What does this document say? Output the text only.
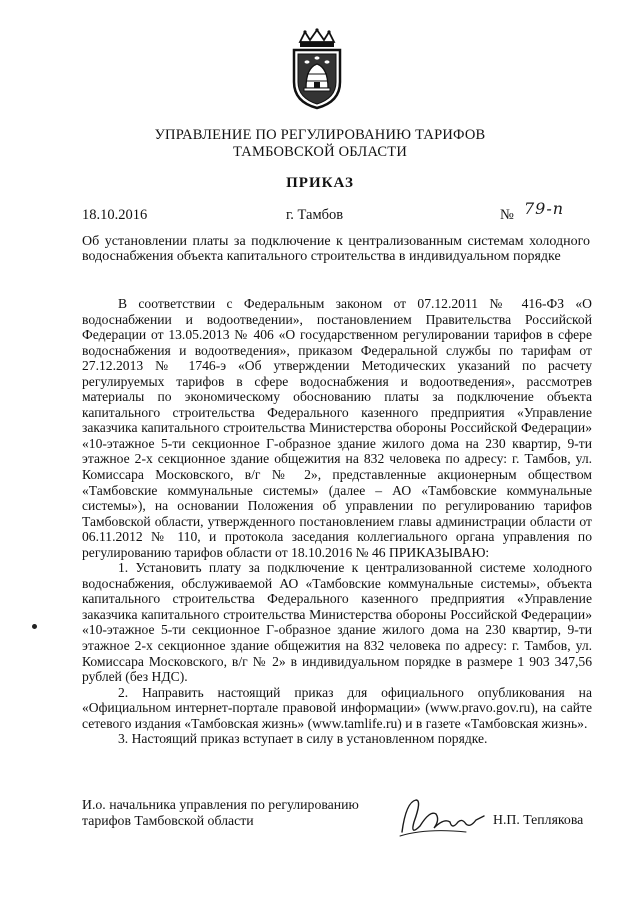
УПРАВЛЕНИЕ ПО РЕГУЛИРОВАНИЮ ТАРИФОВ
ТАМБОВСКОЙ ОБЛАСТИ
ПРИКАЗ
18.10.2016	г. Тамбов	№ 79-п
Об установлении платы за подключение к централизованным системам холодного водоснабжения объекта капитального строительства в индивидуальном порядке

В соответствии с Федеральным законом от 07.12.2011 № 416-ФЗ «О водоснабжении и водоотведении», постановлением Правительства Российской Федерации от 13.05.2013 № 406 «О государственном регулировании тарифов в сфере водоснабжения и водоотведения», приказом Федеральной службы по тарифам от 27.12.2013 № 1746-э «Об утверждении Методических указаний по расчету регулируемых тарифов в сфере водоснабжения и водоотведения», рассмотрев материалы по экономическому обоснованию платы за подключение объекта капитального строительства Федерального казенного предприятия «Управление заказчика капитального строительства Министерства обороны Российской Федерации» «10-этажное 5-ти секционное Г-образное здание жилого дома на 230 квартир, 9-ти этажное 2-х секционное здание общежития на 832 человека по адресу: г. Тамбов, ул. Комиссара Московского, в/г № 2», представленные акционерным обществом «Тамбовские коммунальные системы» (далее – АО «Тамбовские коммунальные системы»), на основании Положения об управлении по регулированию тарифов Тамбовской области, утвержденного постановлением главы администрации области от 06.11.2012 № 110, и протокола заседания коллегиального органа управления по регулированию тарифов области от 18.10.2016 № 46 ПРИКАЗЫВАЮ:

1. Установить плату за подключение к централизованной системе холодного водоснабжения, обслуживаемой АО «Тамбовские коммунальные системы», объекта капитального строительства Федерального казенного предприятия «Управление заказчика капитального строительства Министерства обороны Российской Федерации» «10-этажное 5-ти секционное Г-образное здание жилого дома на 230 квартир, 9-ти этажное 2-х секционное здание общежития на 832 человека по адресу: г. Тамбов, ул. Комиссара Московского, в/г № 2» в индивидуальном порядке в размере 1 903 347,56 рублей (без НДС).

2. Направить настоящий приказ для официального опубликования на «Официальном интернет-портале правовой информации» (www.pravo.gov.ru), на сайте сетевого издания «Тамбовская жизнь» (www.tamlife.ru) и в газете «Тамбовская жизнь».

3. Настоящий приказ вступает в силу в установленном порядке.

И.о. начальника управления по регулированию
тарифов Тамбовской области	Н.П. Теплякова
